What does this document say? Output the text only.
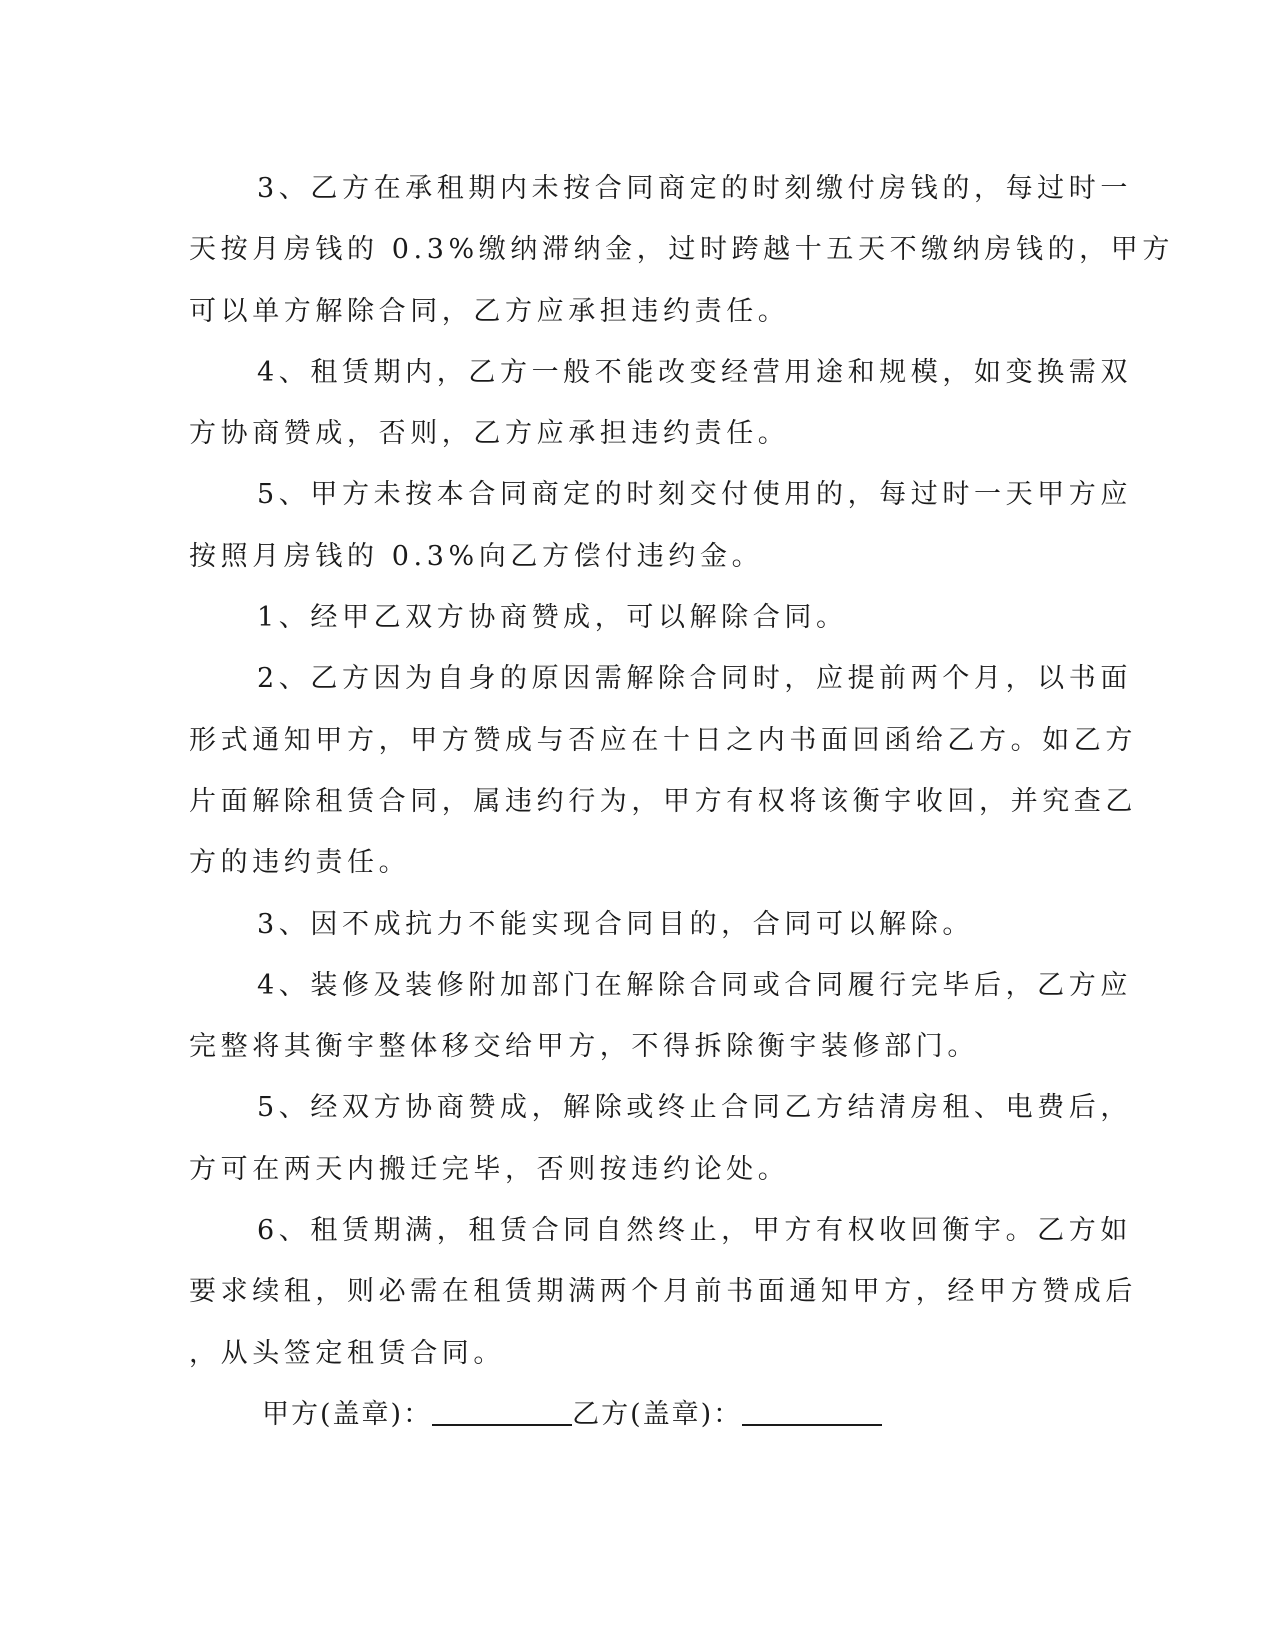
3、乙方在承租期内未按合同商定的时刻缴付房钱的，每过时一
天按月房钱的 0.3%缴纳滞纳金，过时跨越十五天不缴纳房钱的，甲方
可以单方解除合同，乙方应承担违约责任。
4、租赁期内，乙方一般不能改变经营用途和规模，如变换需双
方协商赞成，否则，乙方应承担违约责任。
5、甲方未按本合同商定的时刻交付使用的，每过时一天甲方应
按照月房钱的 0.3%向乙方偿付违约金。
1、经甲乙双方协商赞成，可以解除合同。
2、乙方因为自身的原因需解除合同时，应提前两个月，以书面
形式通知甲方，甲方赞成与否应在十日之内书面回函给乙方。如乙方
片面解除租赁合同，属违约行为，甲方有权将该衡宇收回，并究查乙
方的违约责任。
3、因不成抗力不能实现合同目的，合同可以解除。
4、装修及装修附加部门在解除合同或合同履行完毕后，乙方应
完整将其衡宇整体移交给甲方，不得拆除衡宇装修部门。
5、经双方协商赞成，解除或终止合同乙方结清房租、电费后，
方可在两天内搬迁完毕，否则按违约论处。
6、租赁期满，租赁合同自然终止，甲方有权收回衡宇。乙方如
要求续租，则必需在租赁期满两个月前书面通知甲方，经甲方赞成后
，从头签定租赁合同。
甲方(盖章)：	乙方(盖章)：
